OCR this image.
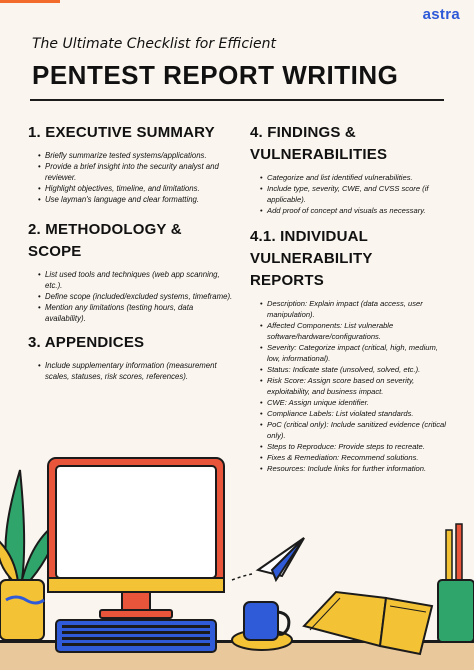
astra
The Ultimate Checklist for Efficient
PENTEST REPORT WRITING
1. EXECUTIVE SUMMARY
• Briefly summarize tested systems/applications.
• Provide a brief insight into the security analyst and reviewer.
• Highlight objectives, timeline, and limitations.
• Use layman's language and clear formatting.
2. METHODOLOGY & SCOPE
• List used tools and techniques (web app scanning, etc.).
• Define scope (included/excluded systems, timeframe).
• Mention any limitations (testing hours, data availability).
3. APPENDICES
• Include supplementary information (measurement scales, statuses, risk scores, references).
4. FINDINGS & VULNERABILITIES
• Categorize and list identified vulnerabilities.
• Include type, severity, CWE, and CVSS score (if applicable).
• Add proof of concept and visuals as necessary.
4.1. INDIVIDUAL VULNERABILITY REPORTS
• Description: Explain impact (data access, user manipulation).
• Affected Components: List vulnerable software/hardware/configurations.
• Severity: Categorize impact (critical, high, medium, low, informational).
• Status: Indicate state (unsolved, solved, etc.).
• Risk Score: Assign score based on severity, exploitability, and business impact.
• CWE: Assign unique identifier.
• Compliance Labels: List violated standards.
• PoC (critical only): Include sanitized evidence (critical only).
• Steps to Reproduce: Provide steps to recreate.
• Fixes & Remediation: Recommend solutions.
• Resources: Include links for further information.
